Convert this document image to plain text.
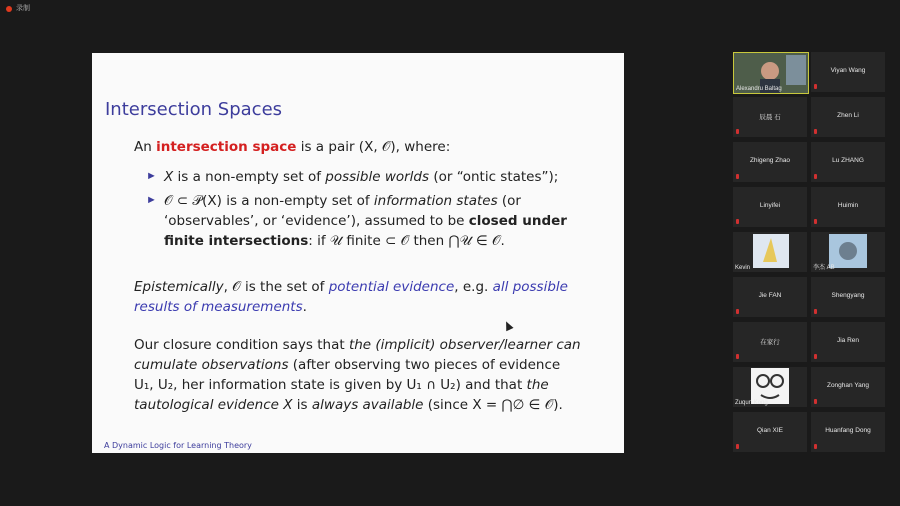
录制
Intersection Spaces
An intersection space is a pair (X, 𝒪), where:
► X is a non-empty set of possible worlds (or “ontic states”);
► 𝒪 ⊂ 𝒫(X) is a non-empty set of information states (or
‘observables’, or ‘evidence’), assumed to be closed under
finite intersections: if 𝒰 finite ⊂ 𝒪 then ⋂𝒰 ∈ 𝒪.
Epistemically, 𝒪 is the set of potential evidence, e.g. all possible
results of measurements.
Our closure condition says that the (implicit) observer/learner can
cumulate observations (after observing two pieces of evidence
U₁, U₂, her information state is given by U₁ ∩ U₂) and that the
tautological evidence X is always available (since X = ⋂∅ ∈ 𝒪).
A Dynamic Logic for Learning Theory
Alexandru Baltag
Viyan Wang
辰晨 石	Zhen Li
Zhigeng Zhao	Lu ZHANG
Linyifei	Huimin
Kevin	李杰 AB
Jie FAN	Shengyang
在家行	Jia Ren
Zuqun Kong
Zonghan Yang
Qian XIE	Huanfang Dong
